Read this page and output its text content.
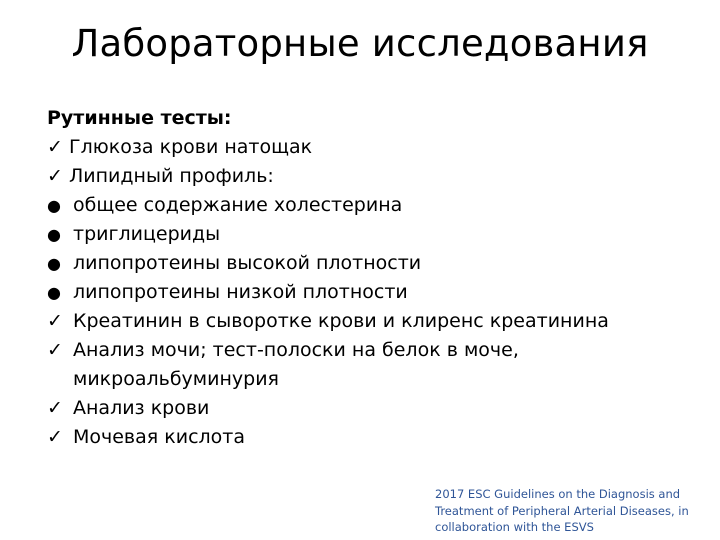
Лабораторные исследования
Рутинные тесты:
✓ Глюкоза крови натощак
✓ Липидный профиль:
● общее содержание холестерина
● триглицериды
● липопротеины высокой плотности
● липопротеины низкой плотности
✓ Креатинин в сыворотке крови и клиренс креатинина
✓ Анализ мочи; тест-полоски на белок в моче,
микроальбуминурия
✓ Анализ крови
✓ Мочевая кислота
2017 ESC Guidelines on the Diagnosis and
Treatment of Peripheral Arterial Diseases, in
collaboration with the ESVS
